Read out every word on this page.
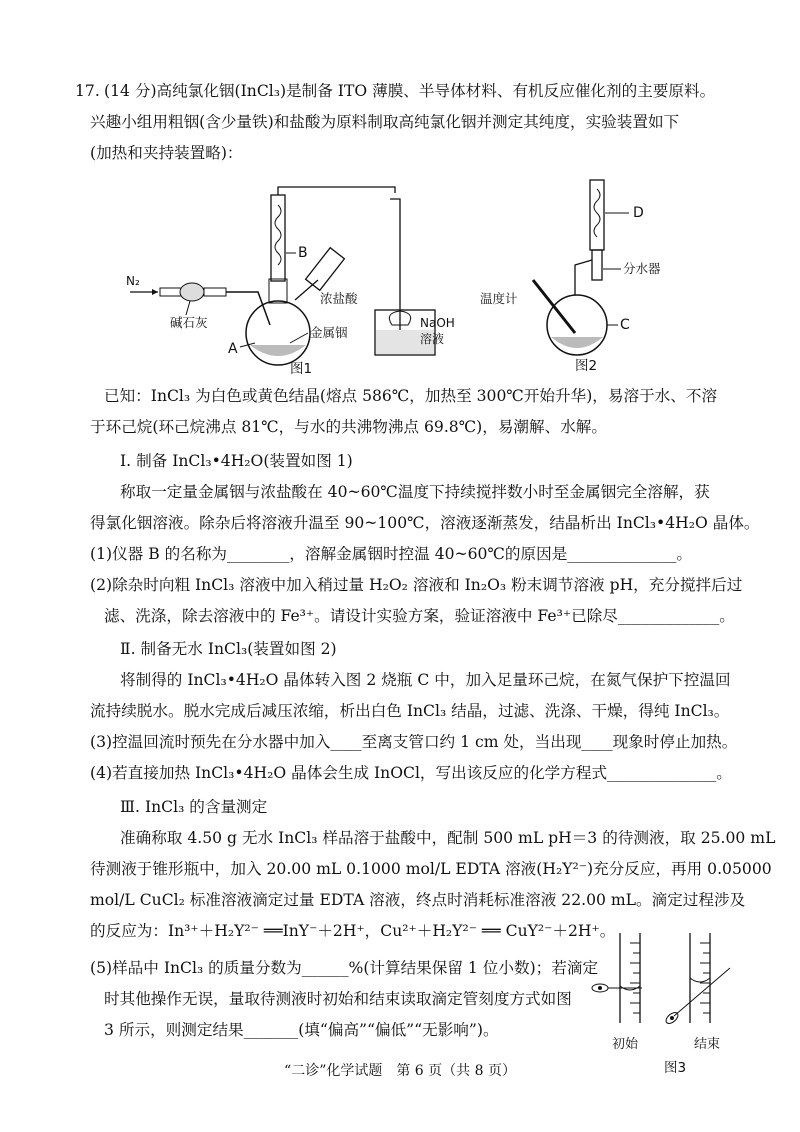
17. (14 分)高纯氯化铟(InCl₃)是制备 ITO 薄膜、半导体材料、有机反应催化剂的主要原料。
兴趣小组用粗铟(含少量铁)和盐酸为原料制取高纯氯化铟并测定其纯度，实验装置如下
(加热和夹持装置略)：
N₂
碱石灰
A
B
浓盐酸
金属铟
NaOH
溶液
图1
D
分水器
C
温度计
图2
已知：InCl₃ 为白色或黄色结晶(熔点 586℃，加热至 300℃开始升华)，易溶于水、不溶
于环己烷(环己烷沸点 81℃，与水的共沸物沸点 69.8℃)，易潮解、水解。
Ⅰ. 制备 InCl₃•4H₂O(装置如图 1)
称取一定量金属铟与浓盐酸在 40~60℃温度下持续搅拌数小时至金属铟完全溶解，获
得氯化铟溶液。除杂后将溶液升温至 90~100℃，溶液逐渐蒸发，结晶析出 InCl₃•4H₂O 晶体。
(1)仪器 B 的名称为________，溶解金属铟时控温 40~60℃的原因是______________。
(2)除杂时向粗 InCl₃ 溶液中加入稍过量 H₂O₂ 溶液和 In₂O₃ 粉末调节溶液 pH，充分搅拌后过
滤、洗涤，除去溶液中的 Fe³⁺。请设计实验方案，验证溶液中 Fe³⁺已除尽_____________。
Ⅱ. 制备无水 InCl₃(装置如图 2)
将制得的 InCl₃•4H₂O 晶体转入图 2 烧瓶 C 中，加入足量环己烷，在氮气保护下控温回
流持续脱水。脱水完成后减压浓缩，析出白色 InCl₃ 结晶，过滤、洗涤、干燥，得纯 InCl₃。
(3)控温回流时预先在分水器中加入____至离支管口约 1 cm 处，当出现____现象时停止加热。
(4)若直接加热 InCl₃•4H₂O 晶体会生成 InOCl，写出该反应的化学方程式______________。
Ⅲ. InCl₃ 的含量测定
准确称取 4.50 g 无水 InCl₃ 样品溶于盐酸中，配制 500 mL pH＝3 的待测液，取 25.00 mL
待测液于锥形瓶中，加入 20.00 mL 0.1000 mol/L EDTA 溶液(H₂Y²⁻)充分反应，再用 0.05000
mol/L CuCl₂ 标准溶液滴定过量 EDTA 溶液，终点时消耗标准溶液 22.00 mL。滴定过程涉及
的反应为：In³⁺＋H₂Y²⁻ ══InY⁻＋2H⁺，Cu²⁺＋H₂Y²⁻ ══ CuY²⁻＋2H⁺。
(5)样品中 InCl₃ 的质量分数为______%(计算结果保留 1 位小数)；若滴定
时其他操作无误，量取待测液时初始和结束读取滴定管刻度方式如图
3 所示，则测定结果_______(填“偏高”“偏低”“无影响”)。
初始	结束
图3
“二诊”化学试题　第 6 页（共 8 页）
